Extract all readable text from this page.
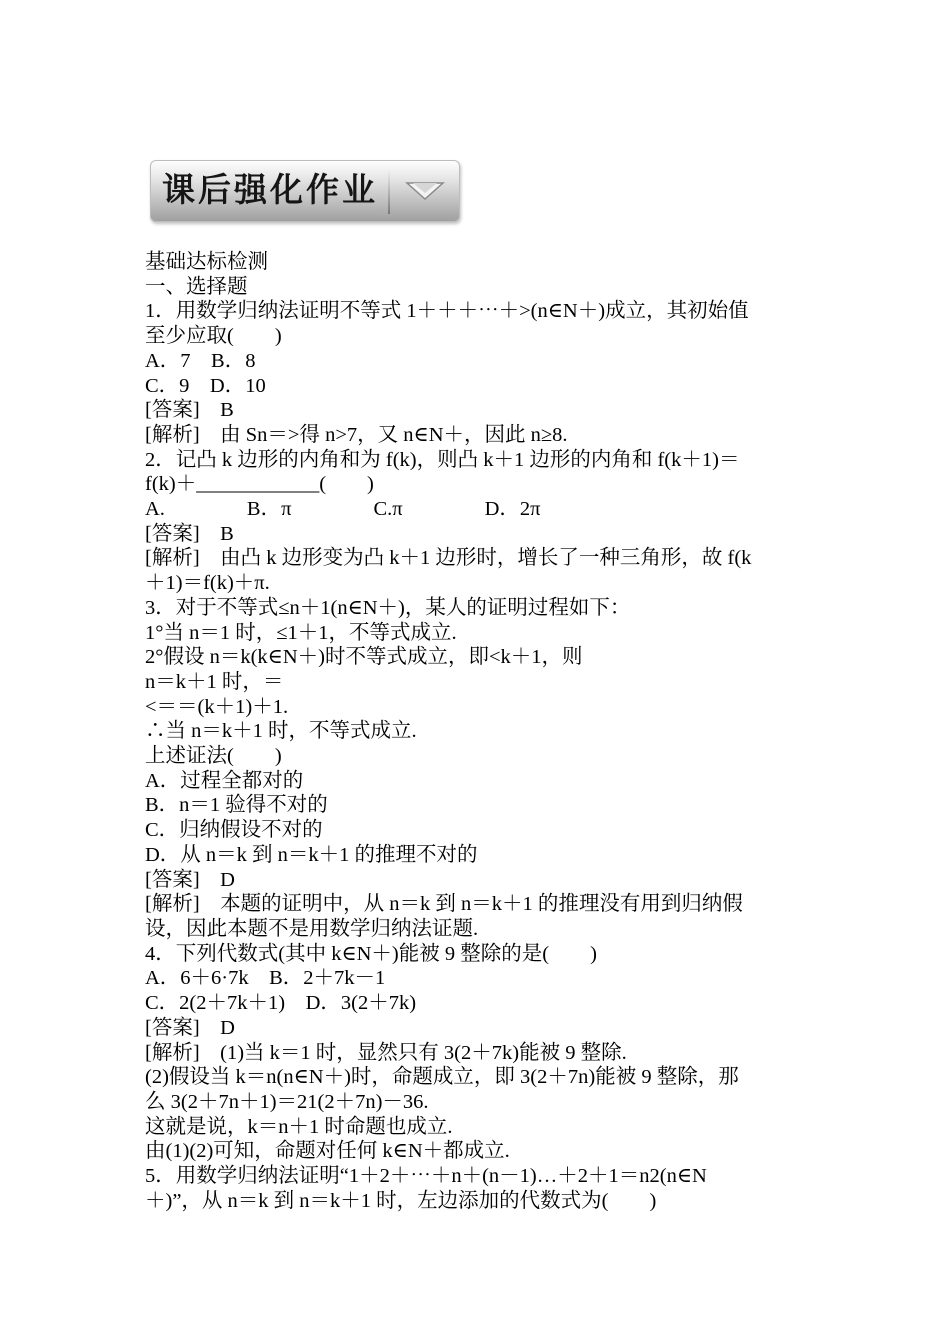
课后强化作业
基础达标检测
一、选择题
1．用数学归纳法证明不等式 1＋＋＋⋯＋>(n∈N＋)成立，其初始值
至少应取(　　)
A．7　B．8
C．9　D．10
[答案]　B
[解析]　由 Sn＝>得 n>7，又 n∈N＋，因此 n≥8.
2．记凸 k 边形的内角和为 f(k)，则凸 k＋1 边形的内角和 f(k＋1)＝
f(k)＋____________(　　)
A.　　　　B．π　　　　C.π　　　　D．2π
[答案]　B
[解析]　由凸 k 边形变为凸 k＋1 边形时，增长了一种三角形，故 f(k
＋1)＝f(k)＋π.
3．对于不等式≤n＋1(n∈N＋)，某人的证明过程如下：
1°当 n＝1 时，≤1＋1，不等式成立.
2°假设 n＝k(k∈N＋)时不等式成立，即<k＋1，则
n＝k＋1 时，＝
<＝＝(k＋1)＋1.
∴当 n＝k＋1 时，不等式成立.
上述证法(　　)
A．过程全都对的
B．n＝1 验得不对的
C．归纳假设不对的
D．从 n＝k 到 n＝k＋1 的推理不对的
[答案]　D
[解析]　本题的证明中，从 n＝k 到 n＝k＋1 的推理没有用到归纳假
设，因此本题不是用数学归纳法证题.
4．下列代数式(其中 k∈N＋)能被 9 整除的是(　　)
A．6＋6·7k　B．2＋7k－1
C．2(2＋7k＋1)　D．3(2＋7k)
[答案]　D
[解析]　(1)当 k＝1 时，显然只有 3(2＋7k)能被 9 整除.
(2)假设当 k＝n(n∈N＋)时，命题成立，即 3(2＋7n)能被 9 整除，那
么 3(2＋7n＋1)＝21(2＋7n)－36.
这就是说，k＝n＋1 时命题也成立.
由(1)(2)可知，命题对任何 k∈N＋都成立.
5．用数学归纳法证明“1＋2＋⋯＋n＋(n－1)…＋2＋1＝n2(n∈N
＋)”，从 n＝k 到 n＝k＋1 时，左边添加的代数式为(　　)
